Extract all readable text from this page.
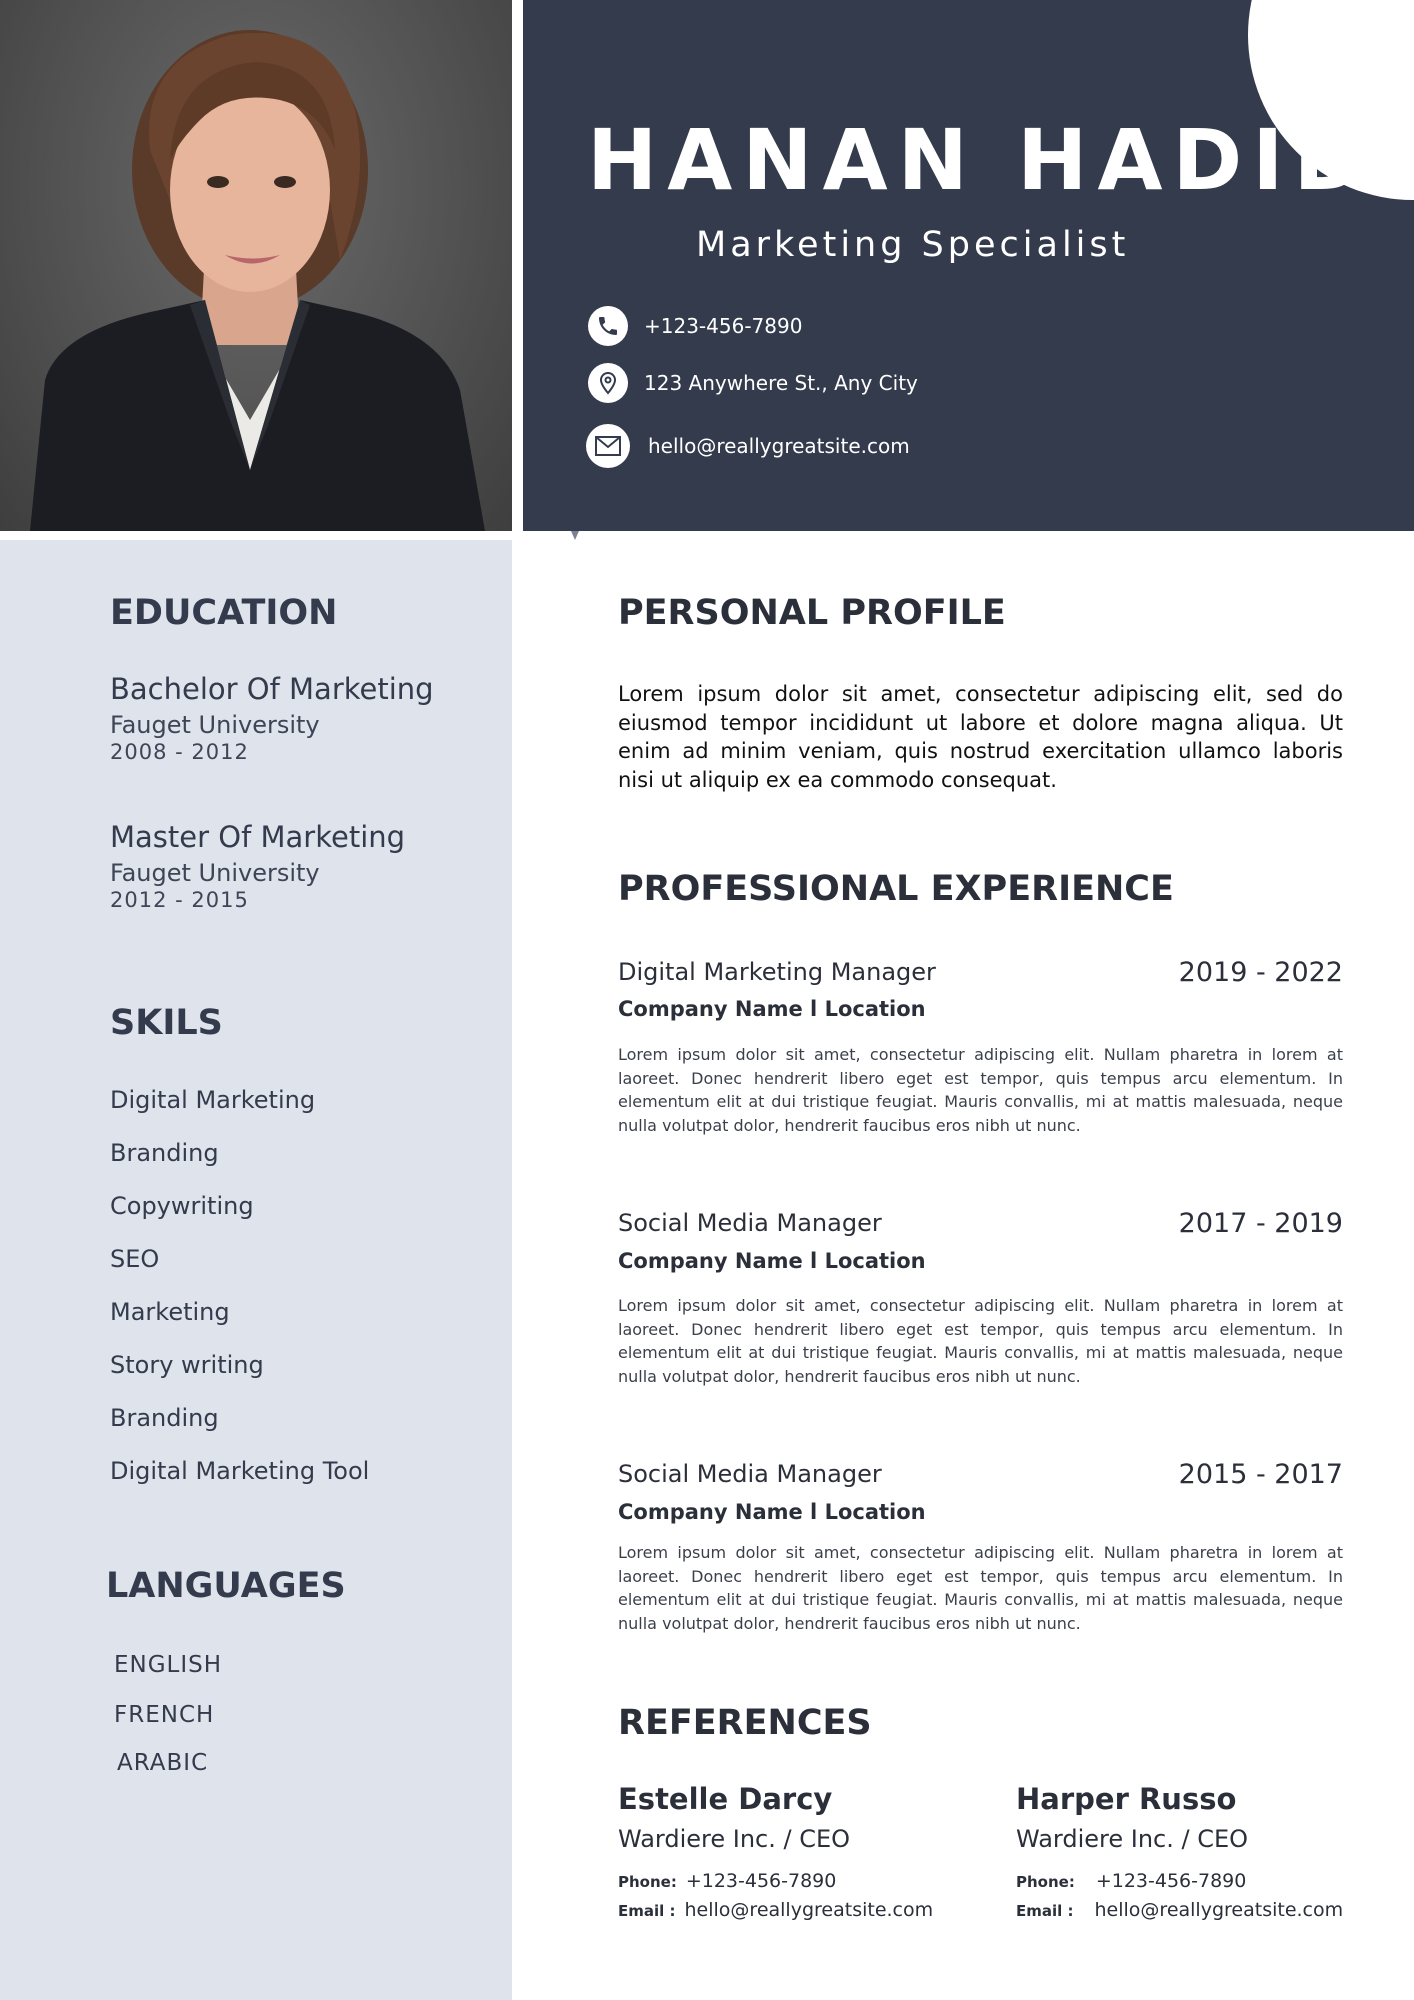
HANAN HADID
Marketing Specialist
+123-456-7890
123 Anywhere St., Any City
hello@reallygreatsite.com
EDUCATION
Bachelor Of Marketing
Fauget University
2008 - 2012
Master Of Marketing
Fauget University
2012 - 2015
SKILS
Digital Marketing
Branding
Copywriting
SEO
Marketing
Story writing
Branding
Digital Marketing Tool
LANGUAGES
ENGLISH
FRENCH
ARABIC
PERSONAL PROFILE
Lorem ipsum dolor sit amet, consectetur adipiscing elit, sed do eiusmod tempor incididunt ut labore et dolore magna aliqua. Ut enim ad minim veniam, quis nostrud exercitation ullamco laboris nisi ut aliquip ex ea commodo consequat.
PROFESSIONAL EXPERIENCE
Digital Marketing Manager	2019 - 2022
Company Name l Location
Lorem ipsum dolor sit amet, consectetur adipiscing elit. Nullam pharetra in lorem at laoreet. Donec hendrerit libero eget est tempor, quis tempus arcu elementum. In elementum elit at dui tristique feugiat. Mauris convallis, mi at mattis malesuada, neque nulla volutpat dolor, hendrerit faucibus eros nibh ut nunc.
Social Media Manager	2017 - 2019
Company Name l Location
Lorem ipsum dolor sit amet, consectetur adipiscing elit. Nullam pharetra in lorem at laoreet. Donec hendrerit libero eget est tempor, quis tempus arcu elementum. In elementum elit at dui tristique feugiat. Mauris convallis, mi at mattis malesuada, neque nulla volutpat dolor, hendrerit faucibus eros nibh ut nunc.
Social Media Manager	2015 - 2017
Company Name l Location
Lorem ipsum dolor sit amet, consectetur adipiscing elit. Nullam pharetra in lorem at laoreet. Donec hendrerit libero eget est tempor, quis tempus arcu elementum. In elementum elit at dui tristique feugiat. Mauris convallis, mi at mattis malesuada, neque nulla volutpat dolor, hendrerit faucibus eros nibh ut nunc.
REFERENCES
Estelle Darcy
Wardiere Inc. / CEO
Phone: +123-456-7890
Email : hello@reallygreatsite.com
Harper Russo
Wardiere Inc. / CEO
Phone: +123-456-7890
Email : hello@reallygreatsite.com
